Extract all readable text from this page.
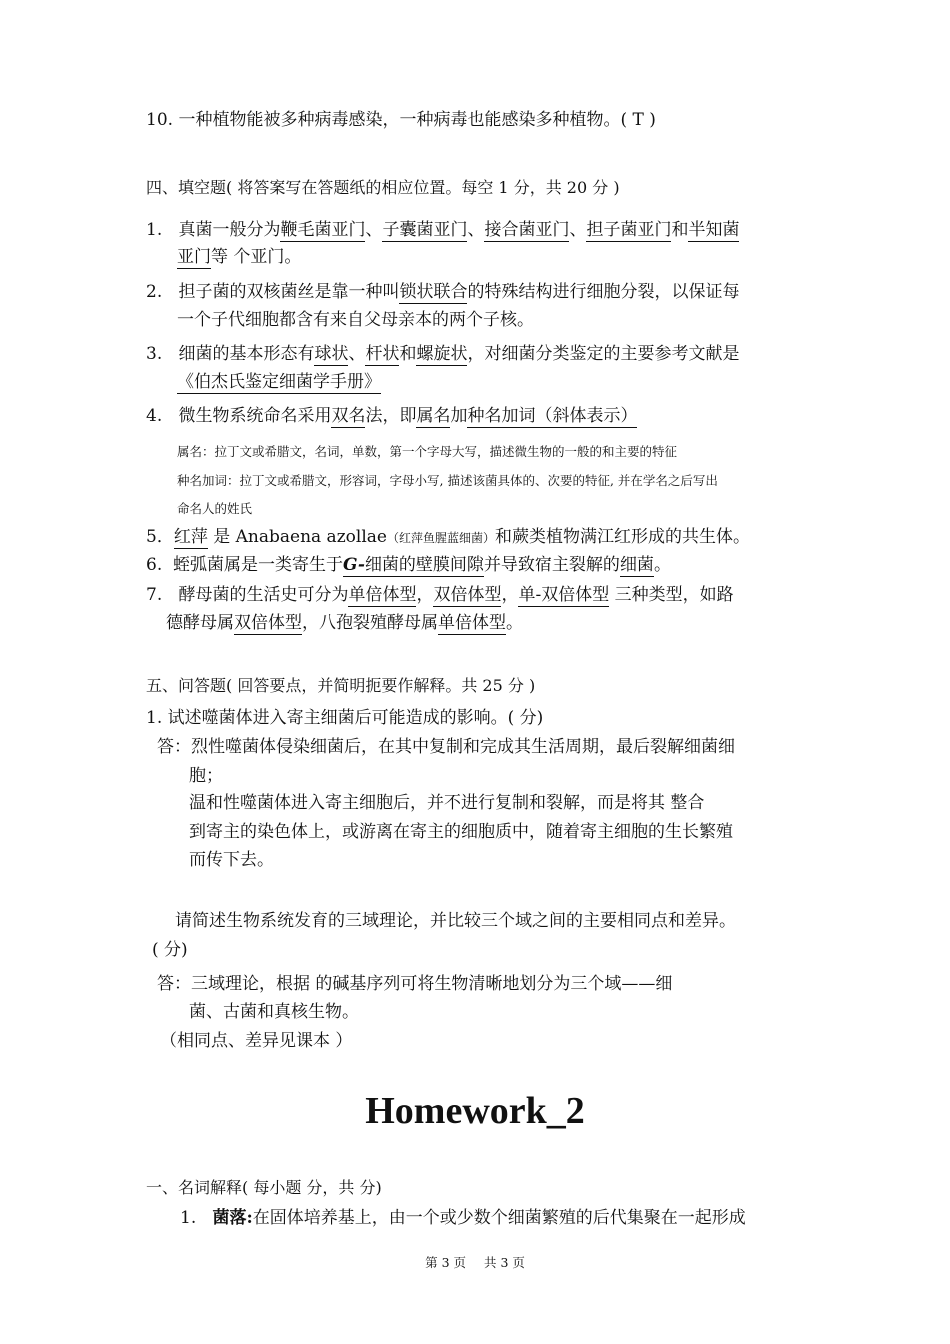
10. 一种植物能被多种病毒感染，一种病毒也能感染多种植物。( T )
四、填空题( 将答案写在答题纸的相应位置。每空 1 分，共 20 分 )
1. 真菌一般分为鞭毛菌亚门、子囊菌亚门、接合菌亚门、担子菌亚门和半知菌
亚门等 个亚门。
2. 担子菌的双核菌丝是靠一种叫锁状联合的特殊结构进行细胞分裂，以保证每
一个子代细胞都含有来自父母亲本的两个子核。
3. 细菌的基本形态有球状、杆状和螺旋状，对细菌分类鉴定的主要参考文献是
《伯杰氏鉴定细菌学手册》
4. 微生物系统命名采用双名法，即属名加种名加词（斜体表示）
属名：拉丁文或希腊文，名词，单数，第一个字母大写，描述微生物的一般的和主要的特征
种名加词：拉丁文或希腊文，形容词，字母小写, 描述该菌具体的、次要的特征, 并在学名之后写出
命名人的姓氏
5．红萍 是 Anabaena azollae（红萍鱼腥蓝细菌）和蕨类植物满江红形成的共生体。
6. 蛭弧菌属是一类寄生于G-细菌的壁膜间隙并导致宿主裂解的细菌。
7. 酵母菌的生活史可分为单倍体型，双倍体型，单-双倍体型 三种类型，如路
德酵母属双倍体型，八孢裂殖酵母属单倍体型。
五、问答题( 回答要点，并简明扼要作解释。共 25 分 )
1. 试述噬菌体进入寄主细菌后可能造成的影响。( 分)
答：烈性噬菌体侵染细菌后，在其中复制和完成其生活周期，最后裂解细菌细
胞；
温和性噬菌体进入寄主细胞后，并不进行复制和裂解，而是将其 整合
到寄主的染色体上，或游离在寄主的细胞质中，随着寄主细胞的生长繁殖
而传下去。
请简述生物系统发育的三域理论，并比较三个域之间的主要相同点和差异。
( 分)
答：三域理论，根据 的碱基序列可将生物清晰地划分为三个域——细
菌、古菌和真核生物。
（相同点、差异见课本 ）
Homework_2
一、名词解释( 每小题 分，共 分)
1. 菌落:在固体培养基上，由一个或少数个细菌繁殖的后代集聚在一起形成
第 3 页 共 3 页
